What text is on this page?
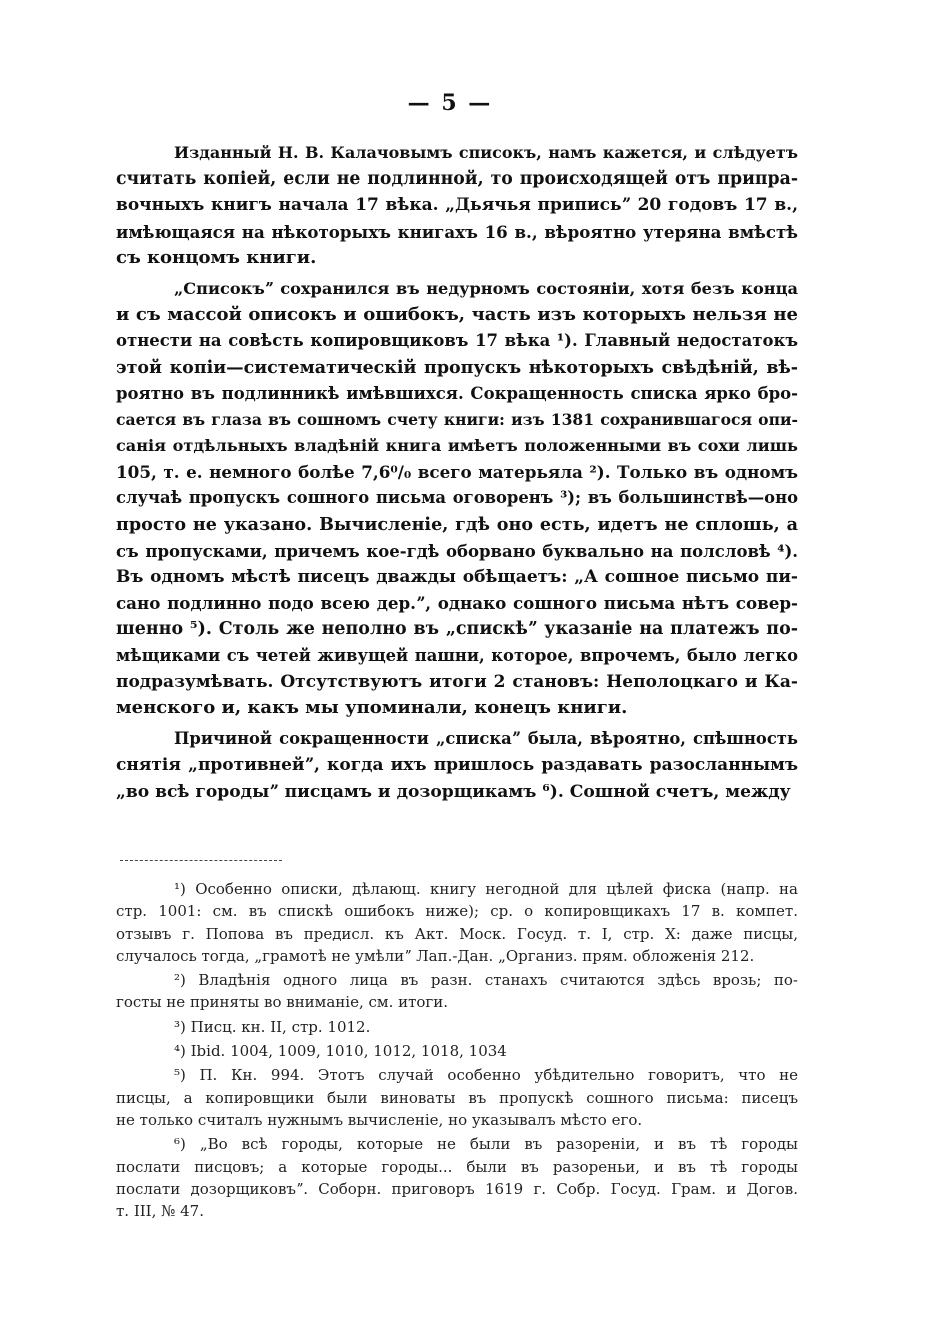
— 5 —
Изданный Н. В. Калачовымъ списокъ, намъ кажется, и слѣдуетъ
считать копіей, если не подлинной, то происходящей отъ припра-
вочныхъ книгъ начала 17 вѣка. „Дьячья приписьˮ 20 годовъ 17 в.,
имѣющаяся на нѣкоторыхъ книгахъ 16 в., вѣроятно утеряна вмѣстѣ
съ концомъ книги.
„Списокъˮ сохранился въ недурномъ состояніи, хотя безъ конца
и съ массой описокъ и ошибокъ, часть изъ которыхъ нельзя не
отнести на совѣсть копировщиковъ 17 вѣка ¹). Главный недостатокъ
этой копіи—систематическій пропускъ нѣкоторыхъ свѣдѣній, вѣ-
роятно въ подлинникѣ имѣвшихся. Сокращенность списка ярко бро-
сается въ глаза въ сошномъ счету книги: изъ 1381 сохранившагося опи-
санія отдѣльныхъ владѣній книга имѣетъ положенными въ сохи лишь
105, т. е. немного болѣе 7,6⁰/₀ всего матерьяла ²). Только въ одномъ
случаѣ пропускъ сошного письма оговоренъ ³); въ большинствѣ—оно
просто не указано. Вычисленіе, гдѣ оно есть, идетъ не сплошь, а
съ пропусками, причемъ кое-гдѣ оборвано буквально на полсловѣ ⁴).
Въ одномъ мѣстѣ писецъ дважды обѣщаетъ: „А сошное письмо пи-
сано подлинно подо всею дер.ˮ, однако сошного письма нѣтъ совер-
шенно ⁵). Столь же неполно въ „спискѣˮ указаніе на платежъ по-
мѣщиками съ четей живущей пашни, которое, впрочемъ, было легко
подразумѣвать. Отсутствуютъ итоги 2 становъ: Неполоцкаго и Ка-
менского и, какъ мы упоминали, конецъ книги.
Причиной сокращенности „спискаˮ была, вѣроятно, спѣшность
снятія „противнейˮ, когда ихъ пришлось раздавать разосланнымъ
„во всѣ городыˮ писцамъ и дозорщикамъ ⁶). Сошной счетъ, между
¹) Особенно описки, дѣлающ. книгу негодной для цѣлей фиска (напр. на
стр. 1001: см. въ спискѣ ошибокъ ниже); ср. о копировщикахъ 17 в. компет.
отзывъ г. Попова въ предисл. къ Акт. Моск. Госуд. т. I, стр. X: даже писцы,
случалось тогда, „грамотѣ не умѣлиˮ Лап.-Дан. „Организ. прям. обложенія 212.
²) Владѣнія одного лица въ разн. станахъ считаются здѣсь врозь; по-
госты не приняты во вниманіе, см. итоги.
³) Писц. кн. II, стр. 1012.
⁴) Ibid. 1004, 1009, 1010, 1012, 1018, 1034
⁵) П. Кн. 994. Этотъ случай особенно убѣдительно говоритъ, что не
писцы, а копировщики были виноваты въ пропускѣ сошного письма: писецъ
не только считалъ нужнымъ вычисленіе, но указывалъ мѣсто его.
⁶) „Во всѣ городы, которые не были въ разореніи, и въ тѣ городы
послати писцовъ; а которые городы... были въ разореньи, и въ тѣ городы
послати дозорщиковъˮ. Соборн. приговоръ 1619 г. Собр. Госуд. Грам. и Догов.
т. III, № 47.
